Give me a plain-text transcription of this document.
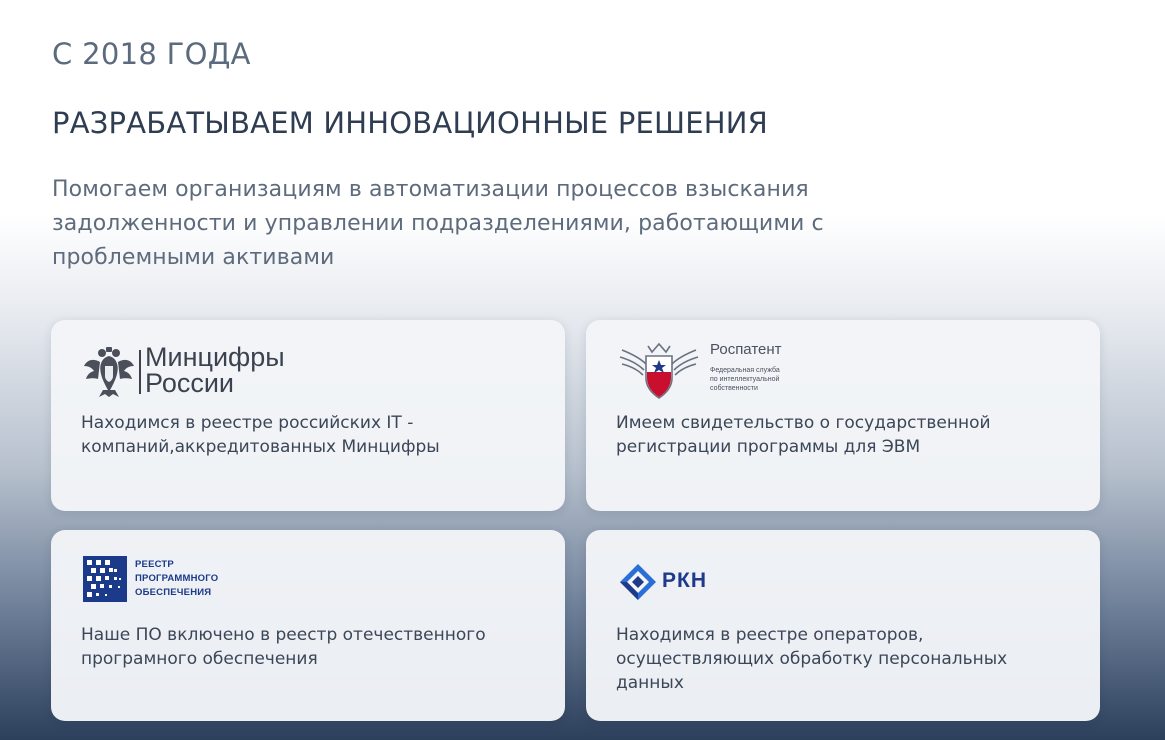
С 2018 ГОДА
РАЗРАБАТЫВАЕМ ИННОВАЦИОННЫЕ РЕШЕНИЯ
Помогаем организациям в автоматизации процессов взыскания задолженности и управлении подразделениями, работающими с проблемными активами
Минцифры
России
Находимся в реестре российских IT - компаний,аккредитованных Минцифры
Роспатент
Федеральная служба
по интеллектуальной
собственности
Имеем свидетельство о государственной регистрации программы для ЭВМ
РЕЕСТР
ПРОГРАММНОГО
ОБЕСПЕЧЕНИЯ
Наше ПО включено в реестр отечественного програмного обеспечения
РКН
Находимся в реестре операторов, осуществляющих обработку персональных данных
